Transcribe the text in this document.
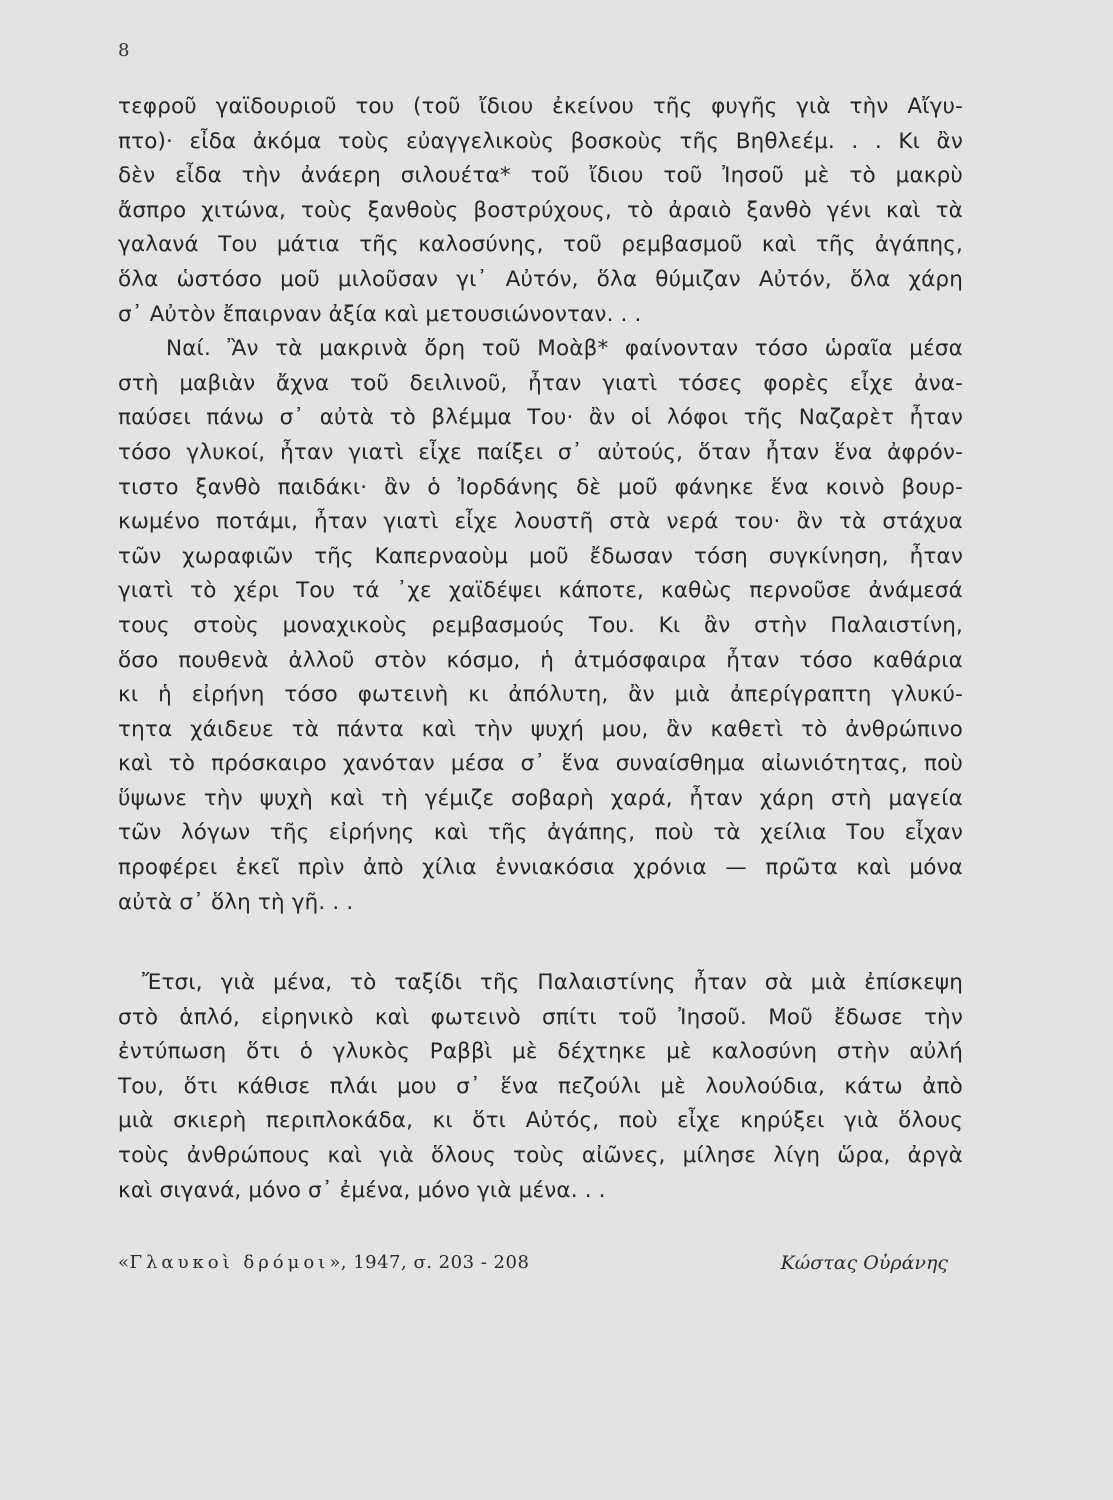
8
τεφροῦ γαϊδουριοῦ του (τοῦ ἴδιου ἐκείνου τῆς φυγῆς γιὰ τὴν Αἴγυ-
πτο)· εἶδα ἀκόμα τοὺς εὐαγγελικοὺς βοσκοὺς τῆς Βηθλεέμ. . . Κι ἂν
δὲν εἶδα τὴν ἀνάερη σιλουέτα* τοῦ ἴδιου τοῦ Ἰησοῦ μὲ τὸ μακρὺ
ἄσπρο χιτώνα, τοὺς ξανθοὺς βοστρύχους, τὸ ἀραιὸ ξανθὸ γένι καὶ τὰ
γαλανά Του μάτια τῆς καλοσύνης, τοῦ ρεμβασμοῦ καὶ τῆς ἀγάπης,
ὅλα ὡστόσο μοῦ μιλοῦσαν γι᾿ Αὐτόν, ὅλα θύμιζαν Αὐτόν, ὅλα χάρη
σ᾿ Αὐτὸν ἔπαιρναν ἀξία καὶ μετουσιώνονταν. . .
Ναί. Ἂν τὰ μακρινὰ ὄρη τοῦ Μοὰβ* φαίνονταν τόσο ὡραῖα μέσα
στὴ μαβιὰν ἄχνα τοῦ δειλινοῦ, ἦταν γιατὶ τόσες φορὲς εἶχε ἀνα-
παύσει πάνω σ᾿ αὐτὰ τὸ βλέμμα Του· ἂν οἱ λόφοι τῆς Ναζαρὲτ ἦταν
τόσο γλυκοί, ἦταν γιατὶ εἶχε παίξει σ᾿ αὐτούς, ὅταν ἦταν ἕνα ἀφρόν-
τιστο ξανθὸ παιδάκι· ἂν ὁ Ἰορδάνης δὲ μοῦ φάνηκε ἕνα κοινὸ βουρ-
κωμένο ποτάμι, ἦταν γιατὶ εἶχε λουστῆ στὰ νερά του· ἂν τὰ στάχυα
τῶν χωραφιῶν τῆς Καπερναοὺμ μοῦ ἔδωσαν τόση συγκίνηση, ἦταν
γιατὶ τὸ χέρι Του τά ᾿χε χαϊδέψει κάποτε, καθὼς περνοῦσε ἀνάμεσά
τους στοὺς μοναχικοὺς ρεμβασμούς Του. Κι ἂν στὴν Παλαιστίνη,
ὅσο πουθενὰ ἀλλοῦ στὸν κόσμο, ἡ ἀτμόσφαιρα ἦταν τόσο καθάρια
κι ἡ εἰρήνη τόσο φωτεινὴ κι ἀπόλυτη, ἂν μιὰ ἀπερίγραπτη γλυκύ-
τητα χάιδευε τὰ πάντα καὶ τὴν ψυχή μου, ἂν καθετὶ τὸ ἀνθρώπινο
καὶ τὸ πρόσκαιρο χανόταν μέσα σ᾿ ἕνα συναίσθημα αἰωνιότητας, ποὺ
ὕψωνε τὴν ψυχὴ καὶ τὴ γέμιζε σοβαρὴ χαρά, ἦταν χάρη στὴ μαγεία
τῶν λόγων τῆς εἰρήνης καὶ τῆς ἀγάπης, ποὺ τὰ χείλια Του εἶχαν
προφέρει ἐκεῖ πρὶν ἀπὸ χίλια ἐννιακόσια χρόνια — πρῶτα καὶ μόνα
αὐτὰ σ᾿ ὅλη τὴ γῆ. . .
Ἔτσι, γιὰ μένα, τὸ ταξίδι τῆς Παλαιστίνης ἦταν σὰ μιὰ ἐπίσκεψη
στὸ ἁπλό, εἰρηνικὸ καὶ φωτεινὸ σπίτι τοῦ Ἰησοῦ. Μοῦ ἔδωσε τὴν
ἐντύπωση ὅτι ὁ γλυκὸς Ραββὶ μὲ δέχτηκε μὲ καλοσύνη στὴν αὐλή
Του, ὅτι κάθισε πλάι μου σ᾿ ἕνα πεζούλι μὲ λουλούδια, κάτω ἀπὸ
μιὰ σκιερὴ περιπλοκάδα, κι ὅτι Αὐτός, ποὺ εἶχε κηρύξει γιὰ ὅλους
τοὺς ἀνθρώπους καὶ γιὰ ὅλους τοὺς αἰῶνες, μίλησε λίγη ὥρα, ἀργὰ
καὶ σιγανά, μόνο σ᾿ ἐμένα, μόνο γιὰ μένα. . .
«Γλαυκοὶ δρόμοι», 1947, σ. 203 - 208	Κώστας Οὐράνης
